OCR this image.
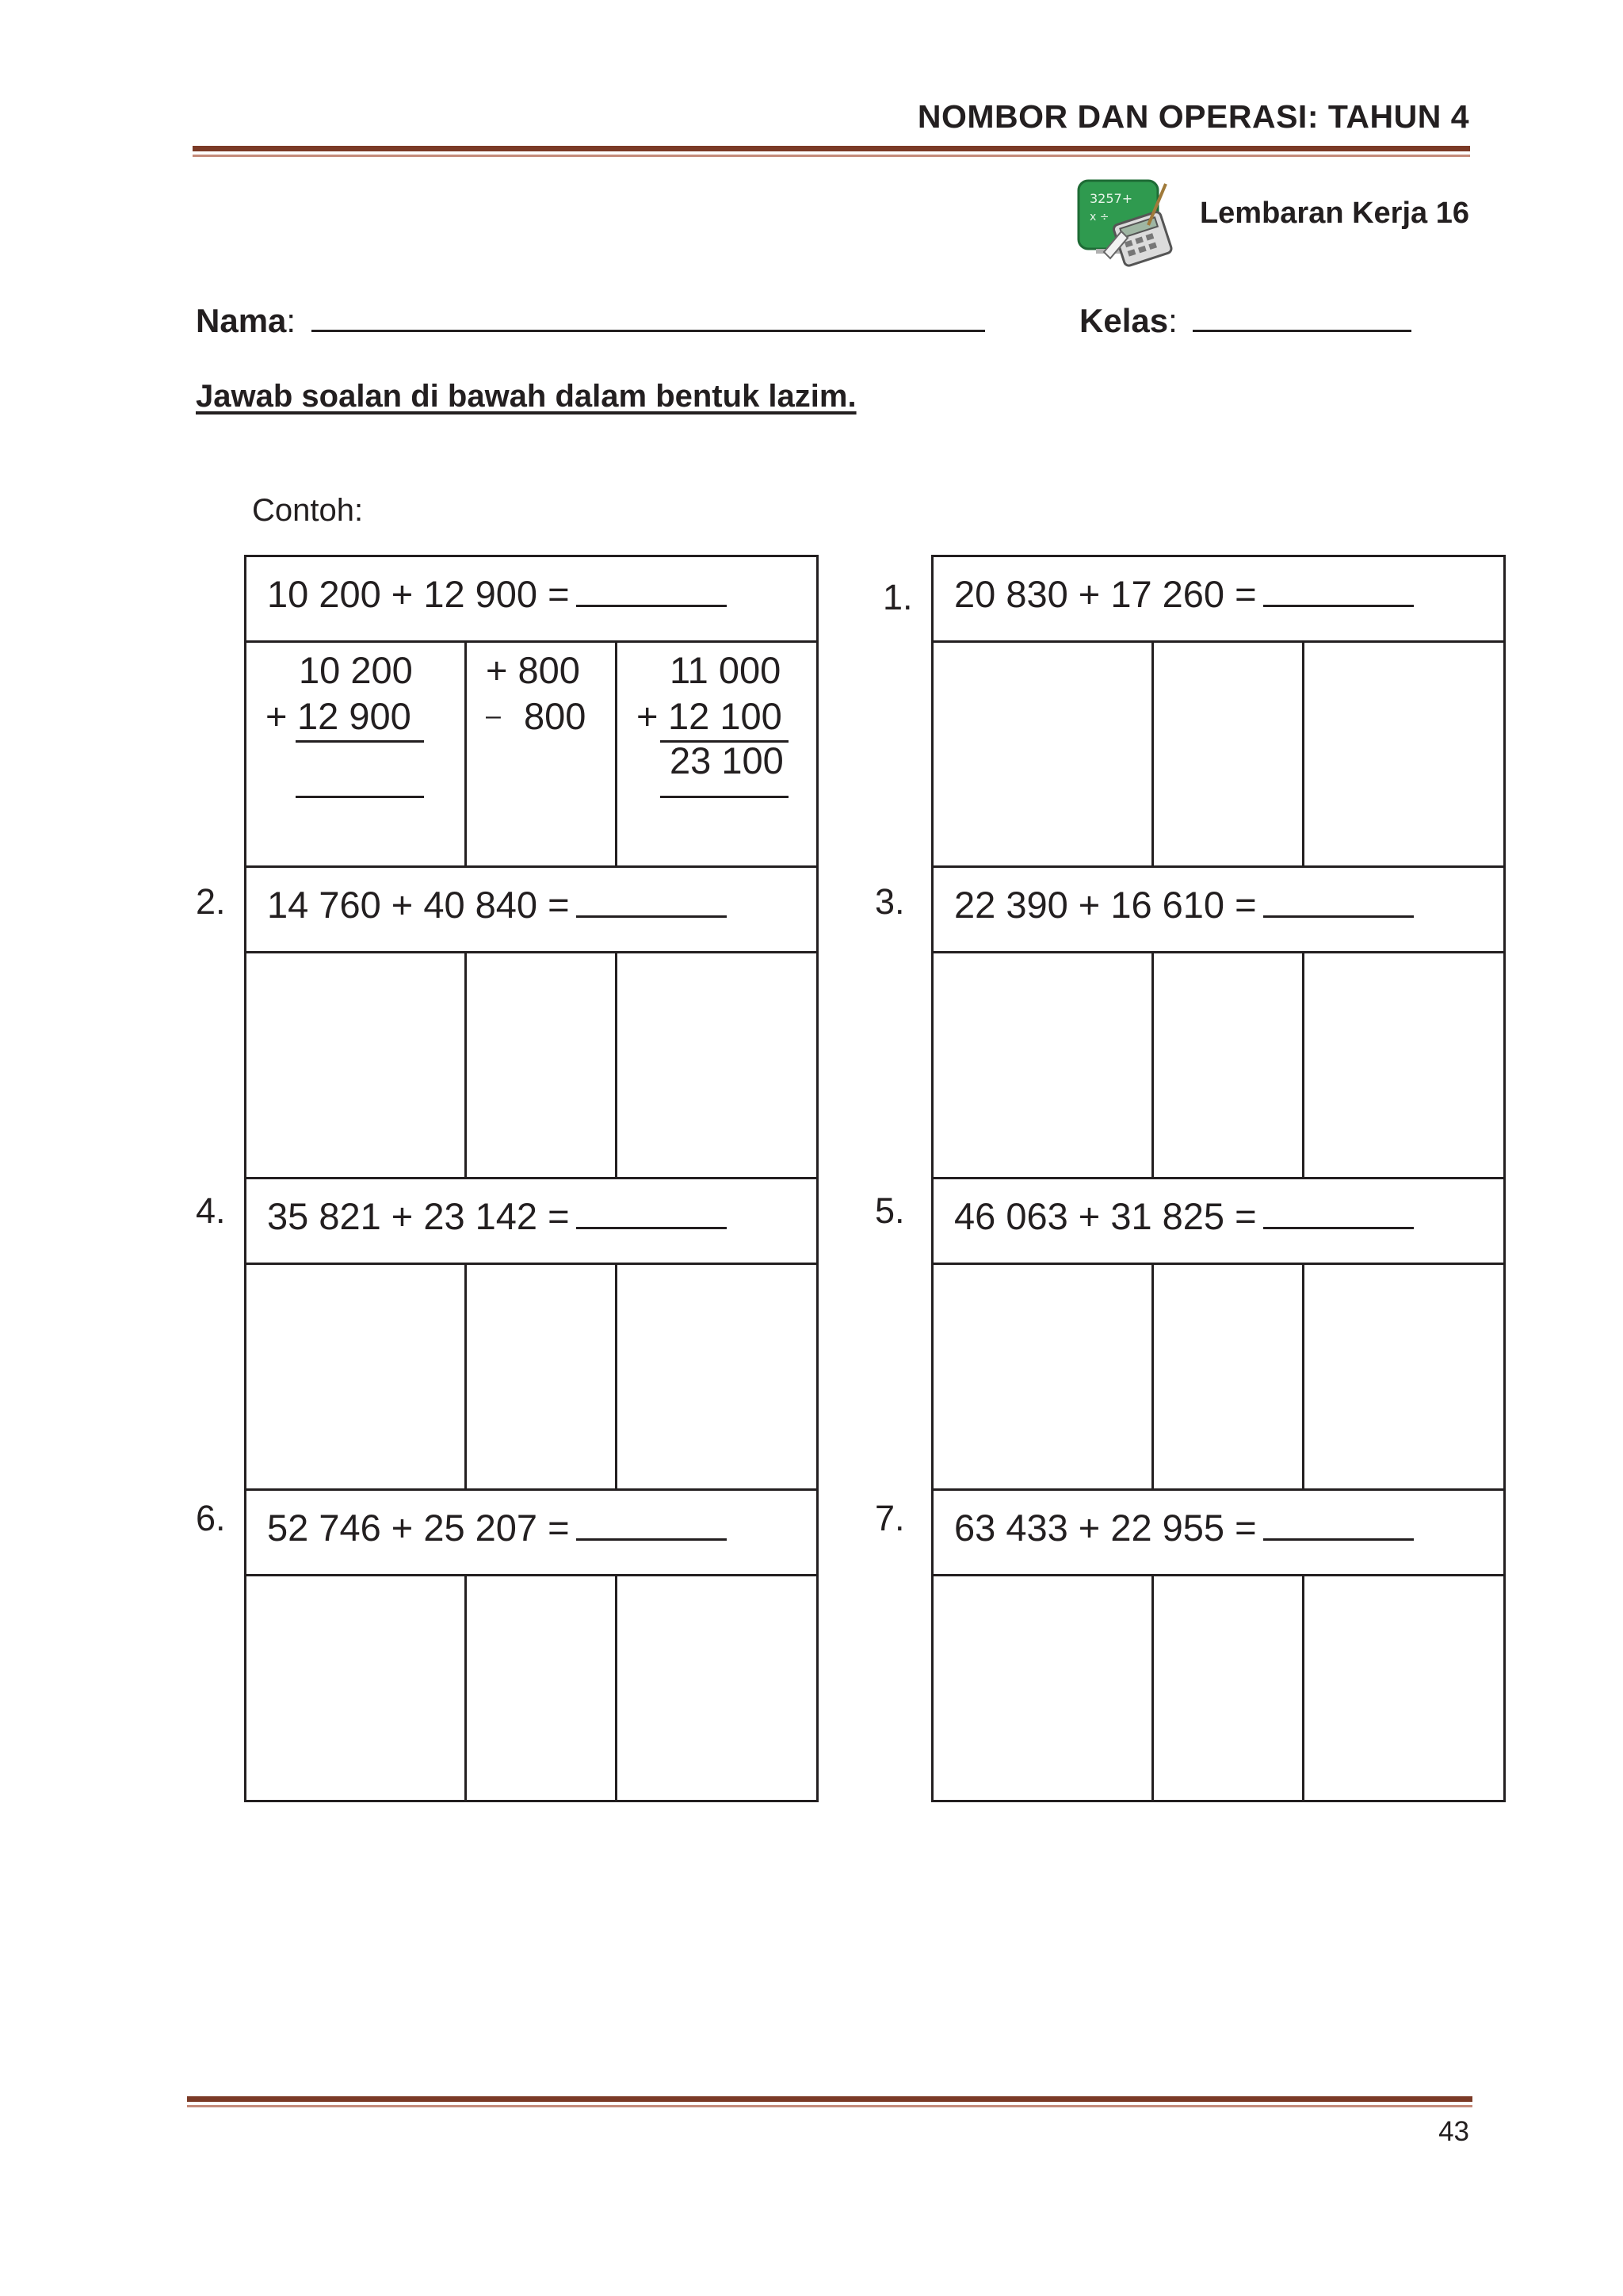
NOMBOR DAN OPERASI: TAHUN 4
3257+
x ÷	Lembaran Kerja 16
Nama:	Kelas:
Jawab soalan di bawah dalam bentuk lazim.
Contoh:
10 200 + 12 900 =
10 200
+ 12 900
+ 800
– 800
11 000
+ 12 100
23 100
1. 20 830 + 17 260 =
2. 14 760 + 40 840 =	3. 22 390 + 16 610 =
4. 35 821 + 23 142 =	5. 46 063 + 31 825 =
6. 52 746 + 25 207 =	7. 63 433 + 22 955 =
43
